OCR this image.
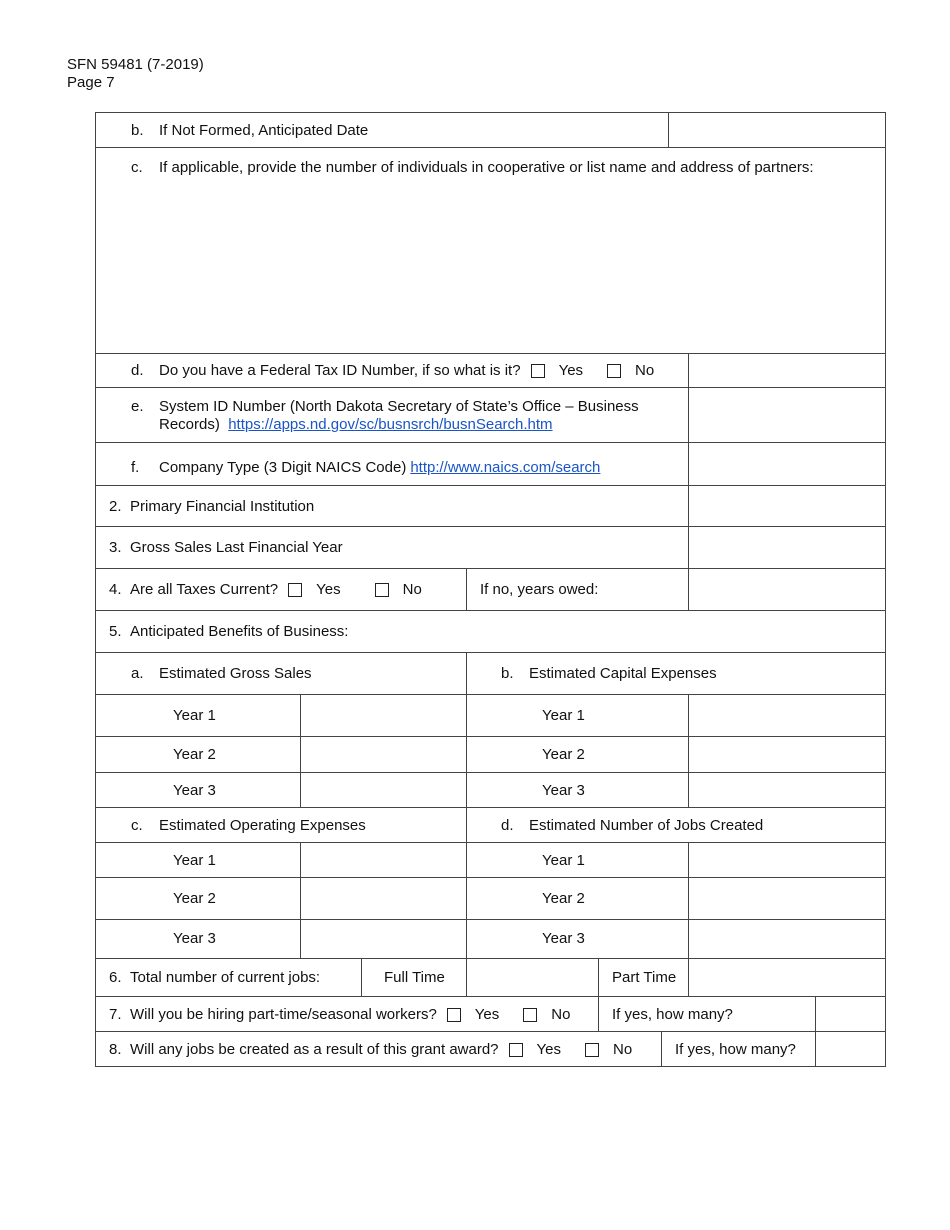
SFN 59481 (7-2019)
Page 7
b.	If Not Formed, Anticipated Date
c.	If applicable, provide the number of individuals in cooperative or list name and address of partners:
d.	Do you have a Federal Tax ID Number, if so what is it?	Yes	No
e.	System ID Number (North Dakota Secretary of State’s Office – Business
Records) https://apps.nd.gov/sc/busnsrch/busnSearch.htm
f.	Company Type (3 Digit NAICS Code) http://www.naics.com/search
2. Primary Financial Institution
3. Gross Sales Last Financial Year
4. Are all Taxes Current?	Yes	No	If no, years owed:
5. Anticipated Benefits of Business:
a.	Estimated Gross Sales	b.	Estimated Capital Expenses
Year 1	Year 1
Year 2	Year 2
Year 3	Year 3
c.	Estimated Operating Expenses	d.	Estimated Number of Jobs Created
Year 1	Year 1
Year 2	Year 2
Year 3	Year 3
6. Total number of current jobs:	Full Time	Part Time
7. Will you be hiring part-time/seasonal workers?	Yes	No	If yes, how many?
8. Will any jobs be created as a result of this grant award?	Yes	No	If yes, how many?
